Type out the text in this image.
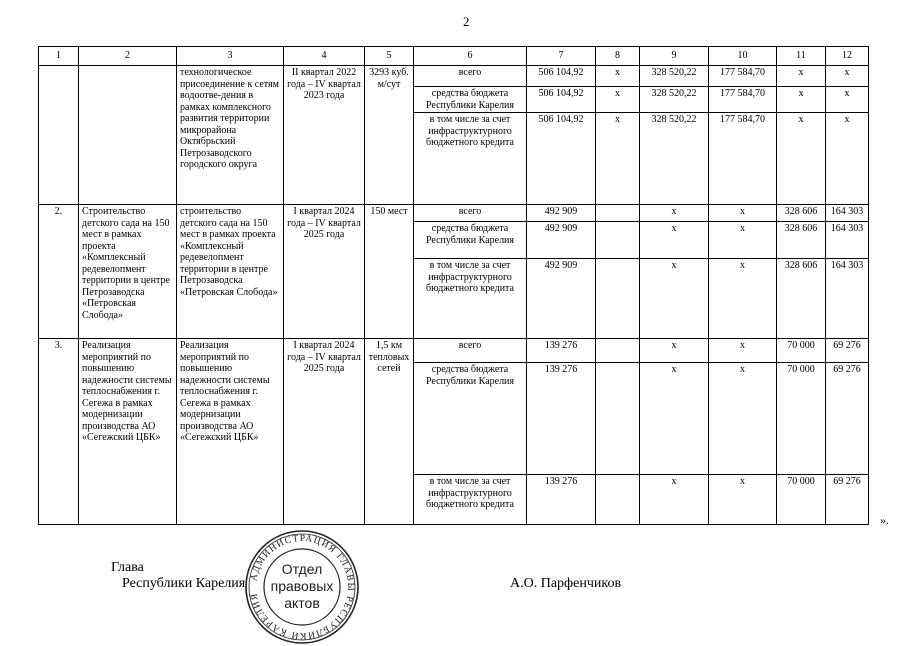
2
1	2	3	4	5	6	7	8	9	10	11	12
		технологическое присоединение к сетям водоотве-дения в рамках комплексного развития территории микрорайона Октябрьский Петрозаводского городского округа	II квартал 2022 года – IV квартал 2023 года	3293 куб. м/сут	всего	506 104,92	х	328 520,22	177 584,70	х	х
					средства бюджета Республики Карелия	506 104,92	х	328 520,22	177 584,70	х	х
					в том числе за счет инфраструктурного бюджетного кредита	506 104,92	х	328 520,22	177 584,70	х	х
2.	Строительство детского сада на 150 мест в рамках проекта «Комплексный редевелопмент территории в центре Петрозаводска «Петровская Слобода»	строительство детского сада на 150 мест в рамках проекта «Комплексный редевелопмент территории в центре Петрозаводска «Петровская Слобода»	I квартал 2024 года – IV квартал 2025 года	150 мест	всего	492 909		х	х	328 606	164 303
					средства бюджета Республики Карелия	492 909		х	х	328 606	164 303
					в том числе за счет инфраструктурного бюджетного кредита	492 909		х	х	328 606	164 303
3.	Реализация мероприятий по повышению надежности системы теплоснабжения г. Сегежа в рамках модернизации производства АО «Сегежский ЦБК»	Реализация мероприятий по повышению надежности системы теплоснабжения г. Сегежа в рамках модернизации производства АО «Сегежский ЦБК»	I квартал 2024 года – IV квартал 2025 года	1,5 км тепловых сетей	всего	139 276		х	х	70 000	69 276
					средства бюджета Республики Карелия	139 276		х	х	70 000	69 276
					в том числе за счет инфраструктурного бюджетного кредита	139 276		х	х	70 000	69 276
».
Глава
Республики Карелия	А.О. Парфенчиков
АДМИНИСТРАЦИЯ ГЛАВЫ РЕСПУБЛИКИ КАРЕЛИЯ
Отдел
правовых
актов
